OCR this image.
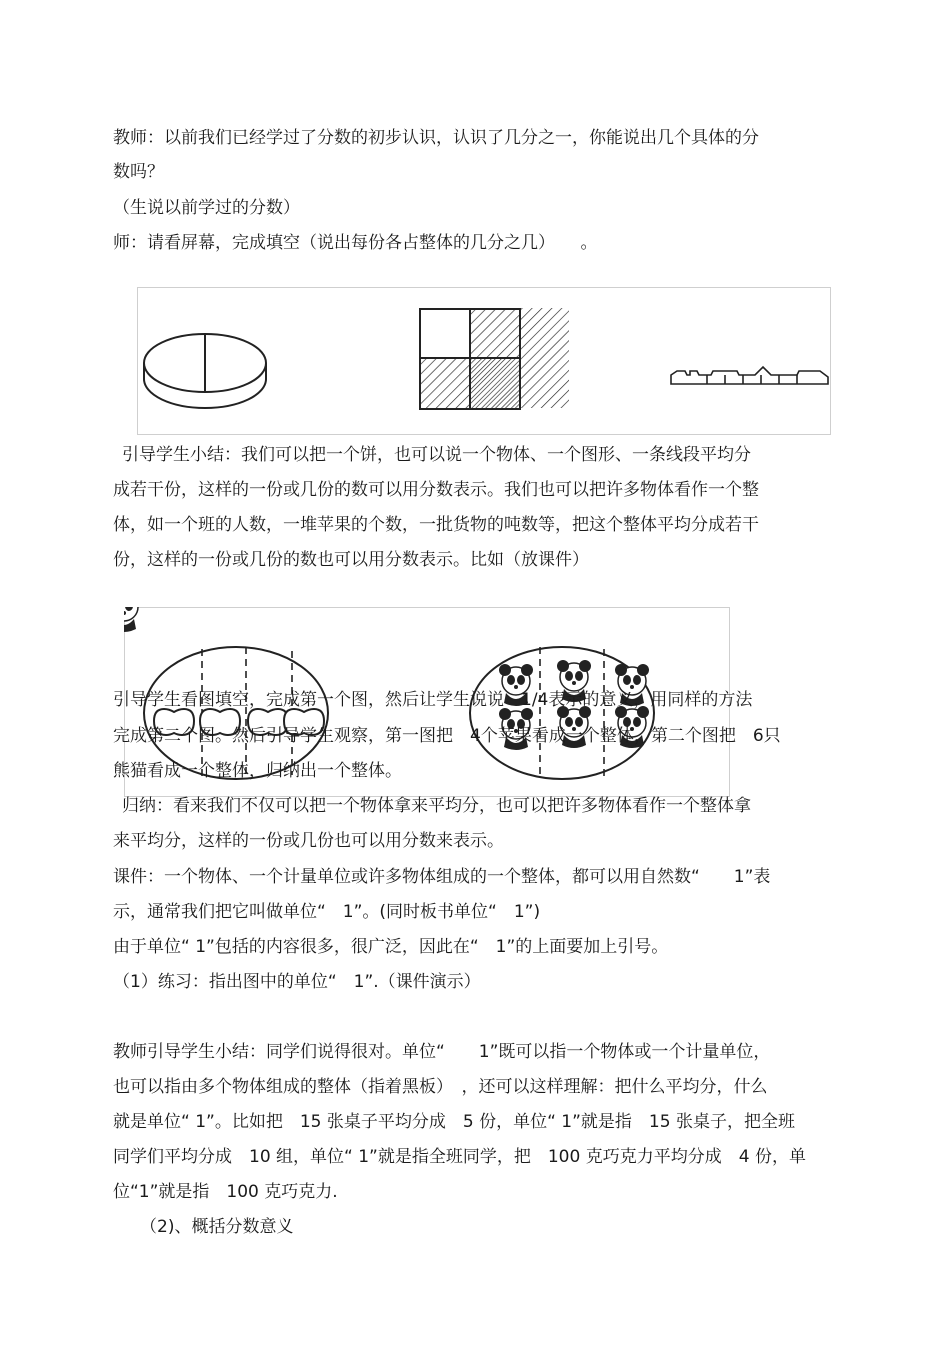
教师：以前我们已经学过了分数的初步认识，认识了几分之一，你能说出几个具体的分
数吗？
（生说以前学过的分数）
师：请看屏幕，完成填空（说出每份各占整体的几分之几）　　。
引导学生小结：我们可以把一个饼，也可以说一个物体、一个图形、一条线段平均分
成若干份，这样的一份或几份的数可以用分数表示。我们也可以把许多物体看作一个整
体，如一个班的人数，一堆苹果的个数，一批货物的吨数等，把这个整体平均分成若干
份，这样的一份或几份的数也可以用分数表示。比如（放课件）
引导学生看图填空，完成第一个图，然后让学生说说　1/4表示的意义，用同样的方法
完成第二个图。然后引导学生观察，第一图把　4个苹果看成一个整体，第二个图把　6只
熊猫看成一个整体，归纳出一个整体。
归纳：看来我们不仅可以把一个物体拿来平均分，也可以把许多物体看作一个整体拿
来平均分，这样的一份或几份也可以用分数来表示。
课件：一个物体、一个计量单位或许多物体组成的一个整体，都可以用自然数“　　1”表
示，通常我们把它叫做单位“　1”。(同时板书单位“　1”)
由于单位“ 1”包括的内容很多，很广泛，因此在“　1”的上面要加上引号。
（1）练习：指出图中的单位“　1”.（课件演示）
教师引导学生小结：同学们说得很对。单位“　　1”既可以指一个物体或一个计量单位，
也可以指由多个物体组成的整体（指着黑板）　，还可以这样理解：把什么平均分，什么
就是单位“ 1”。比如把　15 张桌子平均分成　5 份，单位“ 1”就是指　15 张桌子，把全班
同学们平均分成　10 组，单位“ 1”就是指全班同学，把　100 克巧克力平均分成　4 份，单
位“1”就是指　100 克巧克力.
（2)、概括分数意义
